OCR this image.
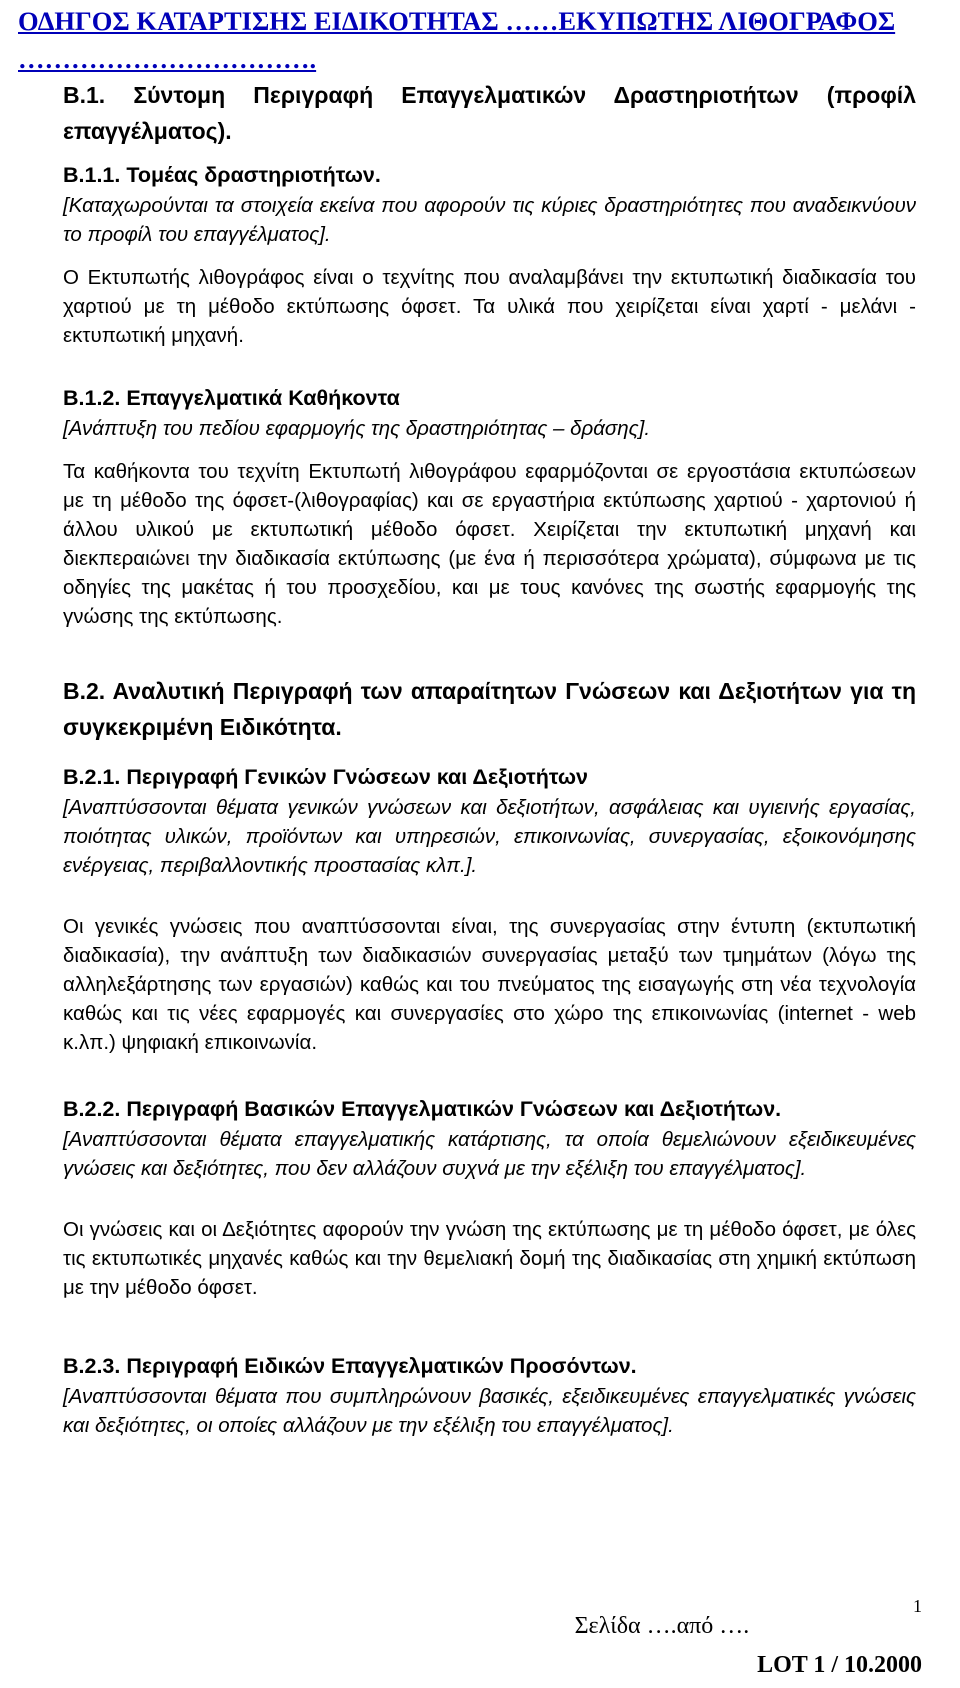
ΟΔΗΓΟΣ ΚΑΤΑΡΤΙΣΗΣ ΕΙΔΙΚΟΤΗΤΑΣ ……ΕΚΥΠΩΤΗΣ ΛΙΘΟΓΡΑΦΟΣ
…………………………….

Β.1. Σύντομη Περιγραφή Επαγγελματικών Δραστηριοτήτων (προφίλ επαγγέλματος).

Β.1.1. Τομέας δραστηριοτήτων.

[Καταχωρούνται τα στοιχεία εκείνα που αφορούν τις κύριες δραστηριότητες που αναδεικνύουν το προφίλ του επαγγέλματος].

Ο Εκτυπωτής λιθογράφος είναι ο τεχνίτης που αναλαμβάνει την εκτυπωτική διαδικασία του χαρτιού με τη μέθοδο εκτύπωσης όφσετ. Τα υλικά που χειρίζεται είναι χαρτί - μελάνι - εκτυπωτική μηχανή.

Β.1.2. Επαγγελματικά Καθήκοντα

[Ανάπτυξη του πεδίου εφαρμογής της δραστηριότητας – δράσης].

Τα καθήκοντα του τεχνίτη Εκτυπωτή λιθογράφου εφαρμόζονται σε εργοστάσια εκτυπώσεων με τη μέθοδο της όφσετ-(λιθογραφίας) και σε εργαστήρια εκτύπωσης χαρτιού - χαρτονιού ή άλλου υλικού με εκτυπωτική μέθοδο όφσετ. Χειρίζεται την εκτυπωτική μηχανή και διεκπεραιώνει την διαδικασία εκτύπωσης (με ένα ή περισσότερα χρώματα), σύμφωνα με τις οδηγίες της μακέτας ή του προσχεδίου, και με τους κανόνες της σωστής εφαρμογής της γνώσης της εκτύπωσης.

Β.2. Αναλυτική Περιγραφή των απαραίτητων Γνώσεων και Δεξιοτήτων για τη συγκεκριμένη Ειδικότητα.

Β.2.1. Περιγραφή Γενικών Γνώσεων και Δεξιοτήτων

[Αναπτύσσονται θέματα γενικών γνώσεων και δεξιοτήτων, ασφάλειας και υγιεινής εργασίας, ποιότητας υλικών, προϊόντων και υπηρεσιών, επικοινωνίας, συνεργασίας, εξοικονόμησης ενέργειας, περιβαλλοντικής προστασίας κλπ.].

Οι γενικές γνώσεις που αναπτύσσονται είναι, της συνεργασίας στην έντυπη (εκτυπωτική διαδικασία), την ανάπτυξη των διαδικασιών συνεργασίας μεταξύ των τμημάτων (λόγω της αλληλεξάρτησης των εργασιών) καθώς και του πνεύματος της εισαγωγής στη νέα τεχνολογία καθώς και τις νέες εφαρμογές και συνεργασίες στο χώρο της επικοινωνίας (internet - web κ.λπ.) ψηφιακή επικοινωνία.

Β.2.2. Περιγραφή Βασικών Επαγγελματικών Γνώσεων και Δεξιοτήτων.

[Αναπτύσσονται θέματα επαγγελματικής κατάρτισης, τα οποία θεμελιώνουν εξειδικευμένες γνώσεις και δεξιότητες, που δεν αλλάζουν συχνά με την εξέλιξη του επαγγέλματος].

Οι γνώσεις και οι Δεξιότητες αφορούν την γνώση της εκτύπωσης με τη μέθοδο όφσετ, με όλες τις εκτυπωτικές μηχανές καθώς και την θεμελιακή δομή της διαδικασίας στη χημική εκτύπωση με την μέθοδο όφσετ.

Β.2.3. Περιγραφή Ειδικών Επαγγελματικών Προσόντων.

[Αναπτύσσονται θέματα που συμπληρώνουν βασικές, εξειδικευμένες επαγγελματικές γνώσεις και δεξιότητες, οι οποίες αλλάζουν με την εξέλιξη του επαγγέλματος].

1
Σελίδα ….από ….
LOT 1 / 10.2000
